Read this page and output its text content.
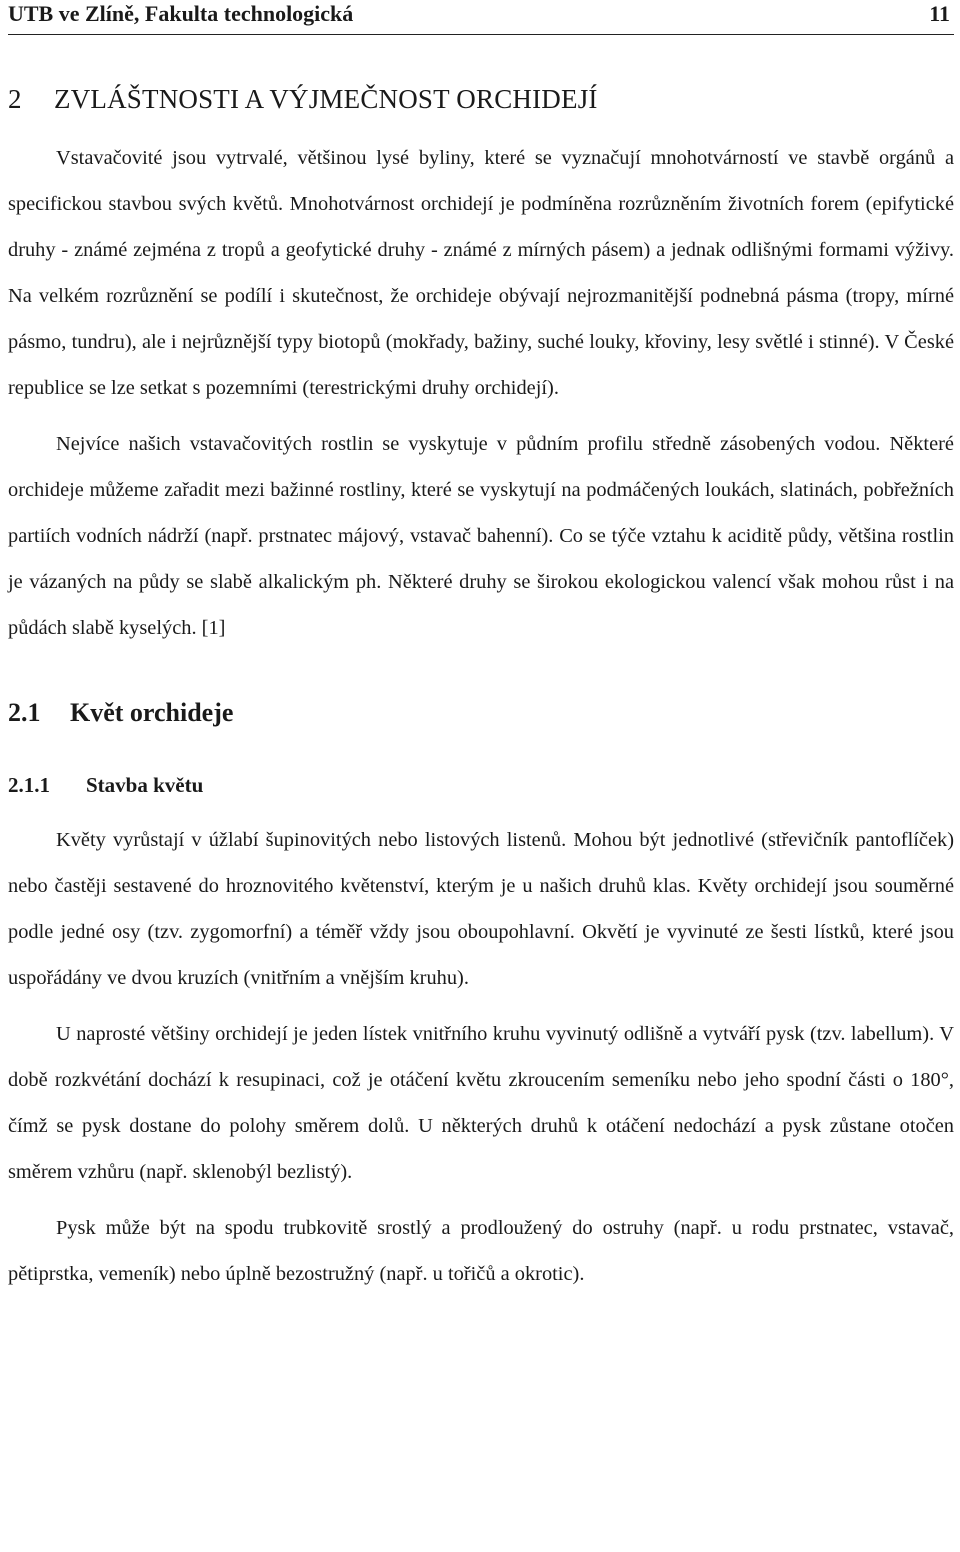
UTB ve Zlíně, Fakulta technologická	11
2 ZVLÁŠTNOSTI A VÝJMEČNOST ORCHIDEJÍ

Vstavačovité jsou vytrvalé, většinou lysé byliny, které se vyznačují mnohotvárností ve stavbě orgánů a specifickou stavbou svých květů. Mnohotvárnost orchidejí je podmíněna rozrůzněním životních forem (epifytické druhy - známé zejména z tropů a geofytické druhy - známé z mírných pásem) a jednak odlišnými formami výživy. Na velkém rozrůznění se podílí i skutečnost, že orchideje obývají nejrozmanitější podnebná pásma (tropy, mírné pásmo, tundru), ale i nejrůznější typy biotopů (mokřady, bažiny, suché louky, křoviny, lesy světlé i stinné). V České republice se lze setkat s pozemními (terestrickými druhy orchidejí).

Nejvíce našich vstavačovitých rostlin se vyskytuje v půdním profilu středně zásobených vodou. Některé orchideje můžeme zařadit mezi bažinné rostliny, které se vyskytují na podmáčených loukách, slatinách, pobřežních partiích vodních nádrží (např. prstnatec májový, vstavač bahenní). Co se týče vztahu k aciditě půdy, většina rostlin je vázaných na půdy se slabě alkalickým ph. Některé druhy se širokou ekologickou valencí však mohou růst i na půdách slabě kyselých. [1]

2.1 Květ orchideje
2.1.1 Stavba květu

Květy vyrůstají v úžlabí šupinovitých nebo listových listenů. Mohou být jednotlivé (střevičník pantoflíček) nebo častěji sestavené do hroznovitého květenství, kterým je u našich druhů klas. Květy orchidejí jsou souměrné podle jedné osy (tzv. zygomorfní) a téměř vždy jsou oboupohlavní. Okvětí je vyvinuté ze šesti lístků, které jsou uspořádány ve dvou kruzích (vnitřním a vnějším kruhu).

U naprosté většiny orchidejí je jeden lístek vnitřního kruhu vyvinutý odlišně a vytváří pysk (tzv. labellum). V době rozkvétání dochází k resupinaci, což je otáčení květu zkroucením semeníku nebo jeho spodní části o 180°, čímž se pysk dostane do polohy směrem dolů. U některých druhů k otáčení nedochází a pysk zůstane otočen směrem vzhůru (např. sklenobýl bezlistý).

Pysk může být na spodu trubkovitě srostlý a prodloužený do ostruhy (např. u rodu prstnatec, vstavač, pětiprstka, vemeník) nebo úplně bezostružný (např. u tořičů a okrotic).
